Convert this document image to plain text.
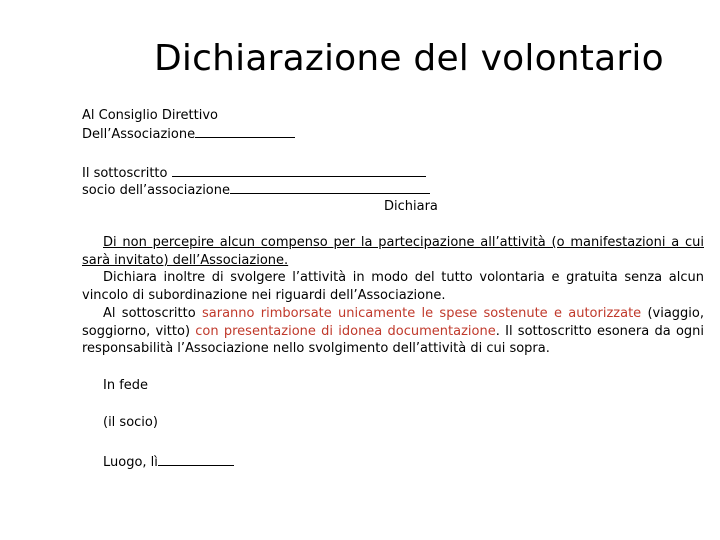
Dichiarazione del volontario
Al Consiglio Direttivo
Dell’Associazione
Il sottoscritto
socio dell’associazione
Dichiara
Di non percepire alcun compenso per la partecipazione all’attività (o manifestazioni a cui sarà invitato) dell’Associazione.
Dichiara inoltre di svolgere l’attività in modo del tutto volontaria e gratuita senza alcun vincolo di subordinazione nei riguardi dell’Associazione.
Al sottoscritto saranno rimborsate unicamente le spese sostenute e autorizzate (viaggio, soggiorno, vitto) con presentazione di idonea documentazione. Il sottoscritto esonera da ogni responsabilità l’Associazione nello svolgimento dell’attività di cui sopra.
In fede
(il socio)
Luogo, lì
